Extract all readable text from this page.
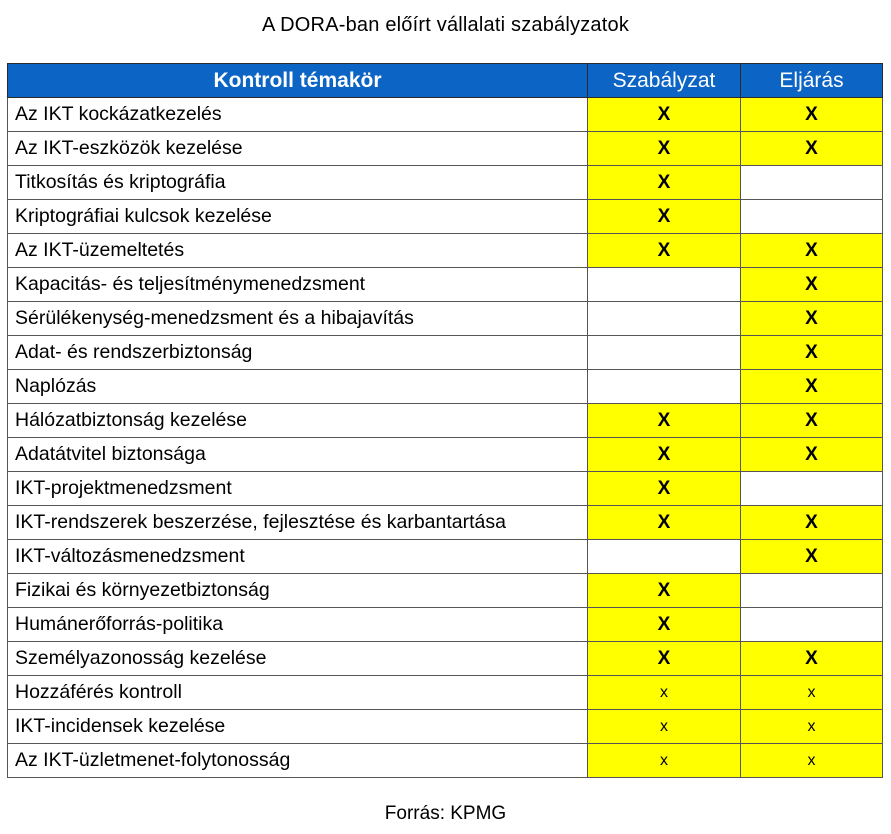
A DORA-ban előírt vállalati szabályzatok
Kontroll témakör	Szabályzat	Eljárás
Az IKT kockázatkezelés	X	X
Az IKT-eszközök kezelése	X	X
Titkosítás és kriptográfia	X	
Kriptográfiai kulcsok kezelése	X	
Az IKT-üzemeltetés	X	X
Kapacitás- és teljesítménymenedzsment		X
Sérülékenység-menedzsment és a hibajavítás		X
Adat- és rendszerbiztonság		X
Naplózás		X
Hálózatbiztonság kezelése	X	X
Adatátvitel biztonsága	X	X
IKT-projektmenedzsment	X	
IKT-rendszerek beszerzése, fejlesztése és karbantartása	X	X
IKT-változásmenedzsment		X
Fizikai és környezetbiztonság	X	
Humánerőforrás-politika	X	
Személyazonosság kezelése	X	X
Hozzáférés kontroll	x	x
IKT-incidensek kezelése	x	x
Az IKT-üzletmenet-folytonosság	x	x
Forrás: KPMG
